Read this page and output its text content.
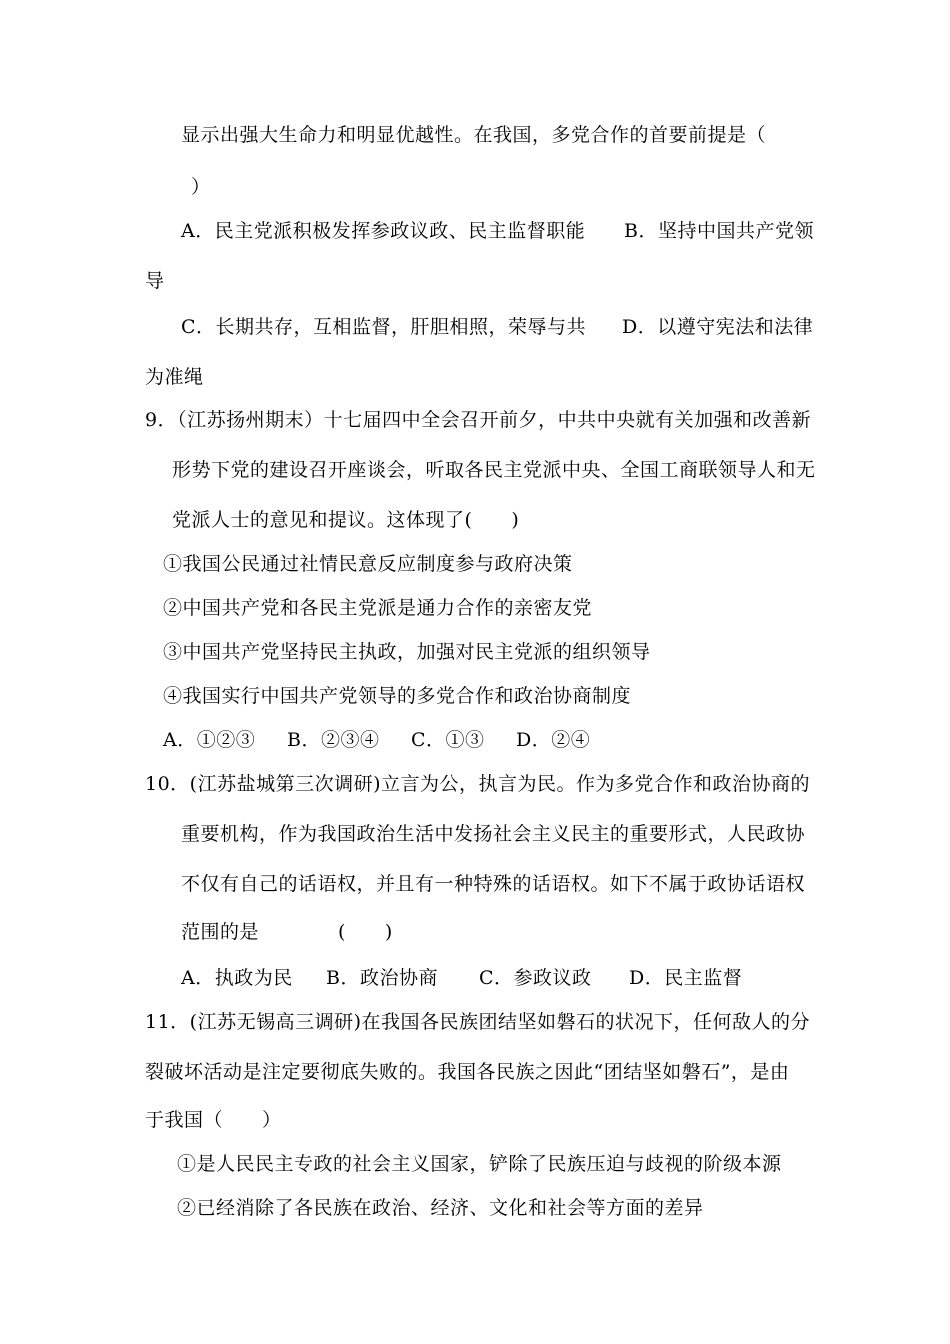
显示出强大生命力和明显优越性。在我国，多党合作的首要前提是（
）
A．民主党派积极发挥参政议政、民主监督职能 B．坚持中国共产党领
导
C．长期共存，互相监督，肝胆相照，荣辱与共 D．以遵守宪法和法律
为准绳
9．（江苏扬州期末）十七届四中全会召开前夕，中共中央就有关加强和改善新
形势下党的建设召开座谈会，听取各民主党派中央、全国工商联领导人和无
党派人士的意见和提议。这体现了(　　)
①我国公民通过社情民意反应制度参与政府决策
②中国共产党和各民主党派是通力合作的亲密友党
③中国共产党坚持民主执政，加强对民主党派的组织领导
④我国实行中国共产党领导的多党合作和政治协商制度
A．①②③ B．②③④ C．①③ D．②④
10．(江苏盐城第三次调研)立言为公，执言为民。作为多党合作和政治协商的
重要机构，作为我国政治生活中发扬社会主义民主的重要形式，人民政协
不仅有自己的话语权，并且有一种特殊的话语权。如下不属于政协话语权
范围的是	(　　)
A．执政为民 B．政治协商 C．参政议政 D．民主监督
11．(江苏无锡高三调研)在我国各民族团结坚如磐石的状况下，任何敌人的分
裂破坏活动是注定要彻底失败的。我国各民族之因此“团结坚如磐石”，是由
于我国（　　）
①是人民民主专政的社会主义国家，铲除了民族压迫与歧视的阶级本源
②已经消除了各民族在政治、经济、文化和社会等方面的差异
